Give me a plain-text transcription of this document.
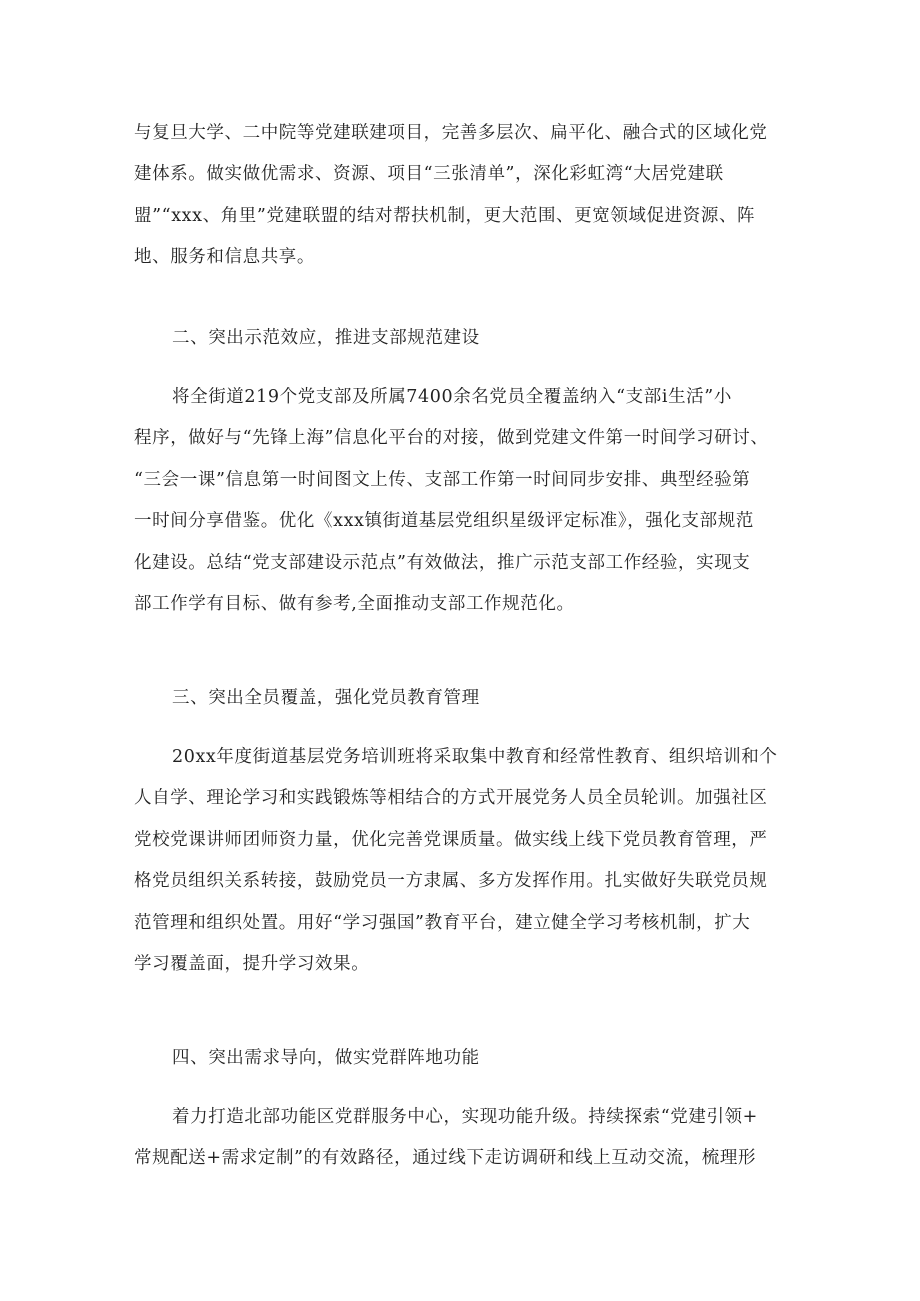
与复旦大学、二中院等党建联建项目，完善多层次、扁平化、融合式的区域化党
建体系。做实做优需求、资源、项目“三张清单”，深化彩虹湾“大居党建联
盟”“xxx、角里”党建联盟的结对帮扶机制，更大范围、更宽领域促进资源、阵
地、服务和信息共享。
二、突出示范效应，推进支部规范建设
将全街道219个党支部及所属7400余名党员全覆盖纳入“支部i生活”小
程序，做好与“先锋上海”信息化平台的对接，做到党建文件第一时间学习研讨、
“三会一课”信息第一时间图文上传、支部工作第一时间同步安排、典型经验第
一时间分享借鉴。优化《xxx镇街道基层党组织星级评定标准》，强化支部规范
化建设。总结“党支部建设示范点”有效做法，推广示范支部工作经验，实现支
部工作学有目标、做有参考,全面推动支部工作规范化。
三、突出全员覆盖，强化党员教育管理
20xx年度街道基层党务培训班将采取集中教育和经常性教育、组织培训和个
人自学、理论学习和实践锻炼等相结合的方式开展党务人员全员轮训。加强社区
党校党课讲师团师资力量，优化完善党课质量。做实线上线下党员教育管理，严
格党员组织关系转接，鼓励党员一方隶属、多方发挥作用。扎实做好失联党员规
范管理和组织处置。用好“学习强国”教育平台，建立健全学习考核机制，扩大
学习覆盖面，提升学习效果。
四、突出需求导向，做实党群阵地功能
着力打造北部功能区党群服务中心，实现功能升级。持续探索“党建引领+
常规配送+需求定制”的有效路径，通过线下走访调研和线上互动交流，梳理形
